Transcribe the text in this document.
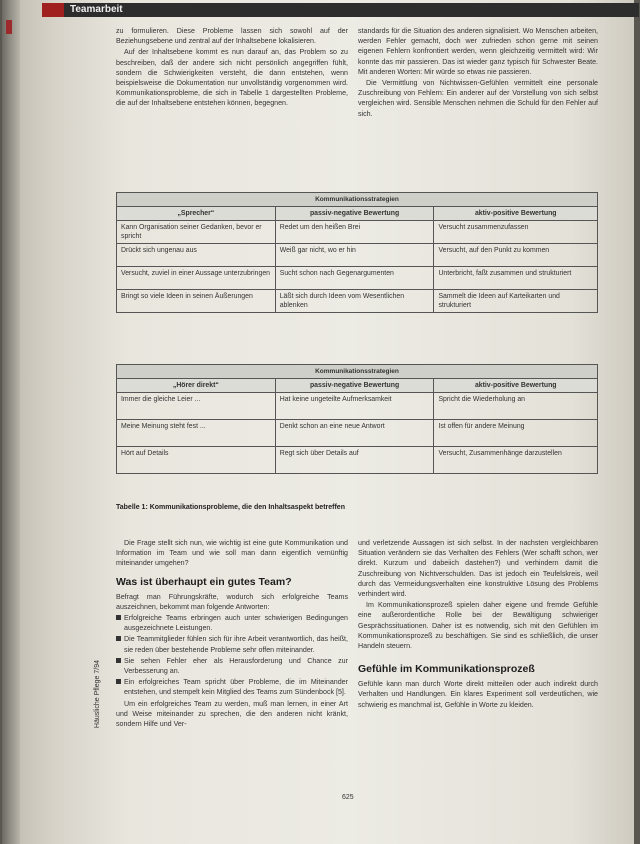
Teamarbeit

zu formulieren. Diese Probleme lassen sich sowohl auf der Beziehungsebene und zentral auf der Inhaltsebene lokalisieren.

Auf der Inhaltsebene kommt es nun darauf an, das Problem so zu beschreiben, daß der andere sich nicht persönlich angegriffen fühlt, sondern die Schwierigkeiten versteht, die dann entstehen, wenn beispielsweise die Dokumentation nur unvollständig vorgenommen wird. Kommunikationsprobleme, die sich in Tabelle 1 dargestellten Probleme, die auf der Inhaltsebene entstehen können, begegnen.

standards für die Situation des anderen signalisiert. Wo Menschen arbeiten, werden Fehler gemacht, doch wer zufrieden schon gerne mit seinen eigenen Fehlern konfrontiert werden, wenn gleichzeitig vermittelt wird: Wir konnte das mir passieren. Das ist wieder ganz typisch für Schwester Beate. Mit anderen Worten: Mir würde so etwas nie passieren.

Die Vermittlung von Nichtwissen-Gefühlen vermittelt eine personale Zuschreibung von Fehlern: Ein anderer auf der Vorstellung von sich selbst vergleichen wird. Sensible Menschen nehmen die Schuld für den Fehler auf sich.

Kommunikationsstrategien		
„Sprecher“	passiv-negative Bewertung	aktiv-positive Bewertung
Kann Organisation seiner Gedanken, bevor er spricht	Redet um den heißen Brei	Versucht zusammenzufassen
Drückt sich ungenau aus	Weiß gar nicht, wo er hin	Versucht, auf den Punkt zu kommen
Versucht, zuviel in einer Aussage unterzubringen	Sucht schon nach Gegenargumenten	Unterbricht, faßt zusammen und strukturiert
Bringt so viele Ideen in seinen Äußerungen	Läßt sich durch Ideen vom Wesentlichen ablenken	Sammelt die Ideen auf Karteikarten und strukturiert
Kommunikationsstrategien		
„Hörer direkt“	passiv-negative Bewertung	aktiv-positive Bewertung
Immer die gleiche Leier ...	Hat keine ungeteilte Aufmerksamkeit	Spricht die Wiederholung an
Meine Meinung steht fest ...	Denkt schon an eine neue Antwort	Ist offen für andere Meinung
Hört auf Details	Regt sich über Details auf	Versucht, Zusammenhänge darzustellen
Tabelle 1: Kommunikationsprobleme, die den Inhaltsaspekt betreffen

Die Frage stellt sich nun, wie wichtig ist eine gute Kommunikation und Information im Team und wie soll man dann eigentlich vernünftig miteinander umgehen?

Was ist überhaupt ein gutes Team?

Befragt man Führungskräfte, wodurch sich erfolgreiche Teams auszeichnen, bekommt man folgende Antworten:

Erfolgreiche Teams erbringen auch unter schwierigen Bedingungen ausgezeichnete Leistungen.

Die Teammitglieder fühlen sich für ihre Arbeit verantwortlich, das heißt, sie reden über bestehende Probleme sehr offen miteinander.

Sie sehen Fehler eher als Herausforderung und Chance zur Verbesserung an.

Ein erfolgreiches Team spricht über Probleme, die im Miteinander entstehen, und stempelt kein Mitglied des Teams zum Sündenbock [5].

Um ein erfolgreiches Team zu werden, muß man lernen, in einer Art und Weise miteinander zu sprechen, die den anderen nicht kränkt, sondern Hilfe und Ver-

und verletzende Aussagen ist sich selbst. In der nachsten vergleichbaren Situation verändern sie das Verhalten des Fehlers (Wer schafft schon, wer direkt. Kurzum und dabeiich dastehen?) und verhindern damit die Zuschreibung von Nichtverschulden. Das ist jedoch ein Teufelskreis, weil durch das Vermeidungsverhalten eine konstruktive Lösung des Problems verhindert wird.

Im Kommunikationsprozeß spielen daher eigene und fremde Gefühle eine außerordentliche Rolle bei der Bewältigung schwieriger Gesprächssituationen. Daher ist es notwendig, sich mit den Gefühlen im Kommunikationsprozeß zu beschäftigen. Sie sind es schließlich, die unser Handeln steuern.

Gefühle im Kommunikationsprozeß

Gefühle kann man durch Worte direkt mitteilen oder auch indirekt durch Verhalten und Handlungen. Ein klares Experiment soll verdeutlichen, wie schwierig es manchmal ist, Gefühle in Worte zu kleiden.

Häusliche Pflege 7/94
625
